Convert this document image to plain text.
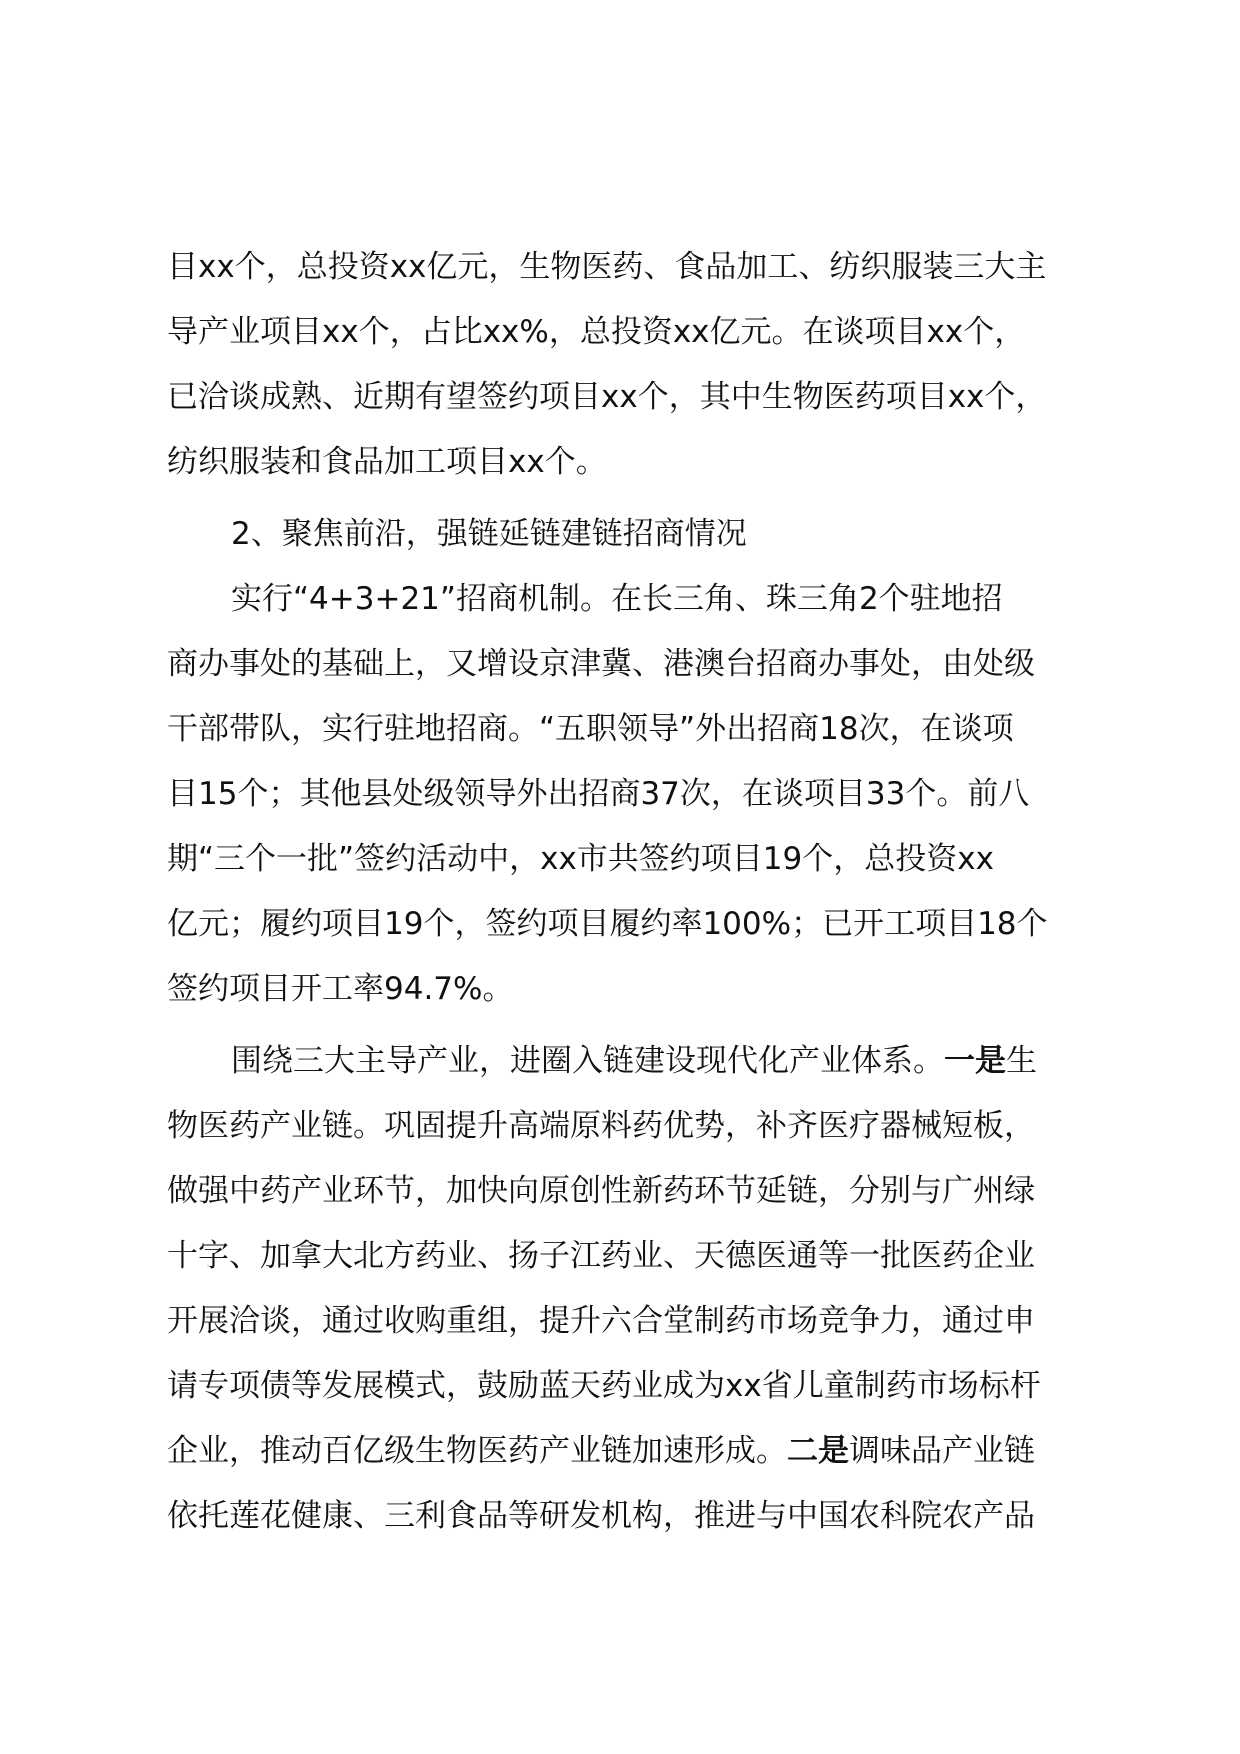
目xx个，总投资xx亿元，生物医药、食品加工、纺织服装三大主
导产业项目xx个，占比xx%，总投资xx亿元。在谈项目xx个，
已洽谈成熟、近期有望签约项目xx个，其中生物医药项目xx个，
纺织服装和食品加工项目xx个。
2、聚焦前沿，强链延链建链招商情况
实行“4+3+21”招商机制。在长三角、珠三角2个驻地招
商办事处的基础上，又增设京津冀、港澳台招商办事处，由处级
干部带队，实行驻地招商。“五职领导”外出招商18次，在谈项
目15个；其他县处级领导外出招商37次，在谈项目33个。前八
期“三个一批”签约活动中，xx市共签约项目19个，总投资xx
亿元；履约项目19个，签约项目履约率100%；已开工项目18个
签约项目开工率94.7%。
围绕三大主导产业，进圈入链建设现代化产业体系。一是生
物医药产业链。巩固提升高端原料药优势，补齐医疗器械短板，
做强中药产业环节，加快向原创性新药环节延链，分别与广州绿
十字、加拿大北方药业、扬子江药业、天德医通等一批医药企业
开展洽谈，通过收购重组，提升六合堂制药市场竞争力，通过申
请专项债等发展模式，鼓励蓝天药业成为xx省儿童制药市场标杆
企业，推动百亿级生物医药产业链加速形成。二是调味品产业链
依托莲花健康、三利食品等研发机构，推进与中国农科院农产品
